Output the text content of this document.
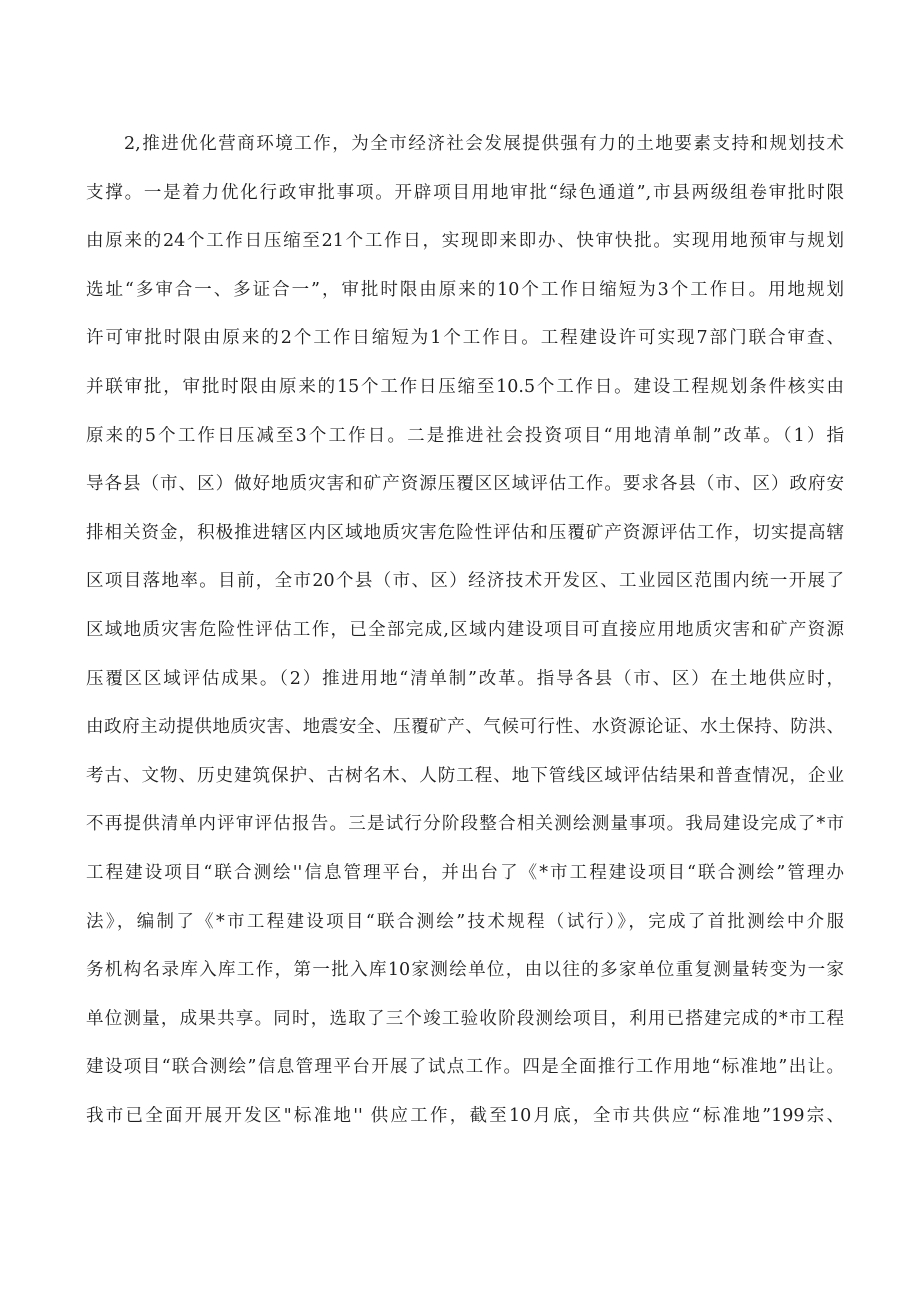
2,推进优化营商环境工作，为全市经济社会发展提供强有力的土地要素支持和规划技术
支撑。一是着力优化行政审批事项。开辟项目用地审批“绿色通道”,市县两级组卷审批时限
由原来的24个工作日压缩至21个工作日，实现即来即办、快审快批。实现用地预审与规划
选址“多审合一、多证合一”，审批时限由原来的10个工作日缩短为3个工作日。用地规划
许可审批时限由原来的2个工作日缩短为1个工作日。工程建设许可实现7部门联合审查、
并联审批，审批时限由原来的15个工作日压缩至10.5个工作日。建设工程规划条件核实由
原来的5个工作日压减至3个工作日。二是推进社会投资项目“用地清单制”改革。（1）指
导各县（市、区）做好地质灾害和矿产资源压覆区区域评估工作。要求各县（市、区）政府安
排相关资金，积极推进辖区内区域地质灾害危险性评估和压覆矿产资源评估工作，切实提高辖
区项目落地率。目前，全市20个县（市、区）经济技术开发区、工业园区范围内统一开展了
区域地质灾害危险性评估工作，已全部完成,区域内建设项目可直接应用地质灾害和矿产资源
压覆区区域评估成果。（2）推进用地“清单制”改革。指导各县（市、区）在土地供应时，
由政府主动提供地质灾害、地震安全、压覆矿产、气候可行性、水资源论证、水土保持、防洪、
考古、文物、历史建筑保护、古树名木、人防工程、地下管线区域评估结果和普查情况，企业
不再提供清单内评审评估报告。三是试行分阶段整合相关测绘测量事项。我局建设完成了*市
工程建设项目“联合测绘''信息管理平台，并出台了《*市工程建设项目“联合测绘”管理办
法》，编制了《*市工程建设项目“联合测绘”技术规程（试行）》，完成了首批测绘中介服
务机构名录库入库工作，第一批入库10家测绘单位，由以往的多家单位重复测量转变为一家
单位测量，成果共享。同时，选取了三个竣工验收阶段测绘项目，利用已搭建完成的*市工程
建设项目“联合测绘”信息管理平台开展了试点工作。四是全面推行工作用地“标准地”出让。
我市已全面开展开发区"标准地'' 供应工作，截至10月底，全市共供应“标准地”199宗、
